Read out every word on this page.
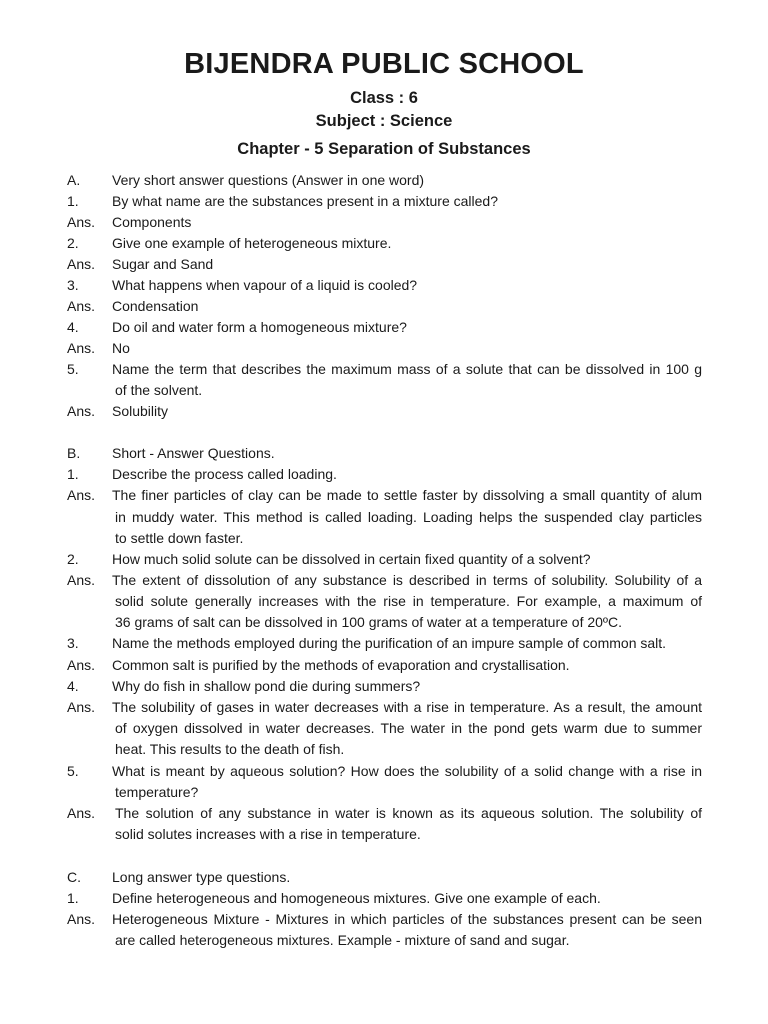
BIJENDRA PUBLIC SCHOOL
Class : 6
Subject : Science
Chapter - 5 Separation of Substances
A. Very short answer questions (Answer in one word)
1. By what name are the substances present in a mixture called?
Ans. Components
2. Give one example of heterogeneous mixture.
Ans. Sugar and Sand
3. What happens when vapour of a liquid is cooled?
Ans. Condensation
4. Do oil and water form a homogeneous mixture?
Ans. No
5. Name the term that describes the maximum mass of a solute that can be dissolved in 100 g
of the solvent.
Ans. Solubility
B. Short - Answer Questions.
1. Describe the process called loading.
Ans. The finer particles of clay can be made to settle faster by dissolving a small quantity of alum
in muddy water. This method is called loading. Loading helps the suspended clay particles
to settle down faster.
2. How much solid solute can be dissolved in certain fixed quantity of a solvent?
Ans. The extent of dissolution of any substance is described in terms of solubility. Solubility of a
solid solute generally increases with the rise in temperature. For example, a maximum of
36 grams of salt can be dissolved in 100 grams of water at a temperature of 20ºC.
3. Name the methods employed during the purification of an impure sample of common salt.
Ans. Common salt is purified by the methods of evaporation and crystallisation.
4. Why do fish in shallow pond die during summers?
Ans. The solubility of gases in water decreases with a rise in temperature. As a result, the amount
of oxygen dissolved in water decreases. The water in the pond gets warm due to summer
heat. This results to the death of fish.
5. What is meant by aqueous solution? How does the solubility of a solid change with a rise in
temperature?
Ans. The solution of any substance in water is known as its aqueous solution. The solubility of
solid solutes increases with a rise in temperature.
C. Long answer type questions.
1. Define heterogeneous and homogeneous mixtures. Give one example of each.
Ans. Heterogeneous Mixture - Mixtures in which particles of the substances present can be seen
are called heterogeneous mixtures. Example - mixture of sand and sugar.
